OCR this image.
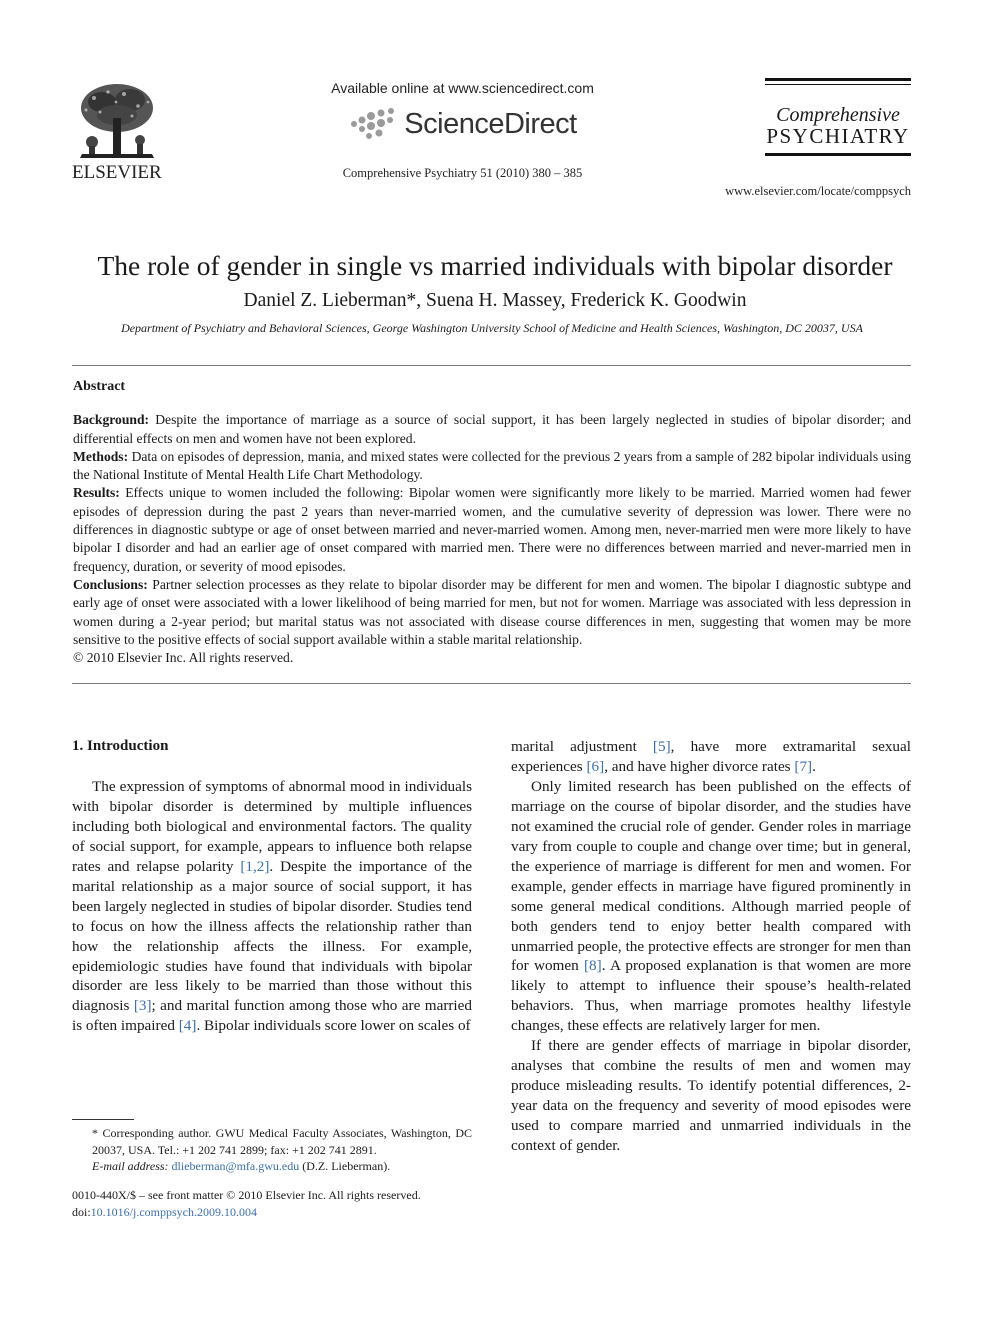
ELSEVIER
Available online at www.sciencedirect.com
ScienceDirect
Comprehensive Psychiatry 51 (2010) 380 – 385
Comprehensive
PSYCHIATRY
www.elsevier.com/locate/comppsych
The role of gender in single vs married individuals with bipolar disorder
Daniel Z. Lieberman*, Suena H. Massey, Frederick K. Goodwin
Department of Psychiatry and Behavioral Sciences, George Washington University School of Medicine and Health Sciences, Washington, DC 20037, USA
Abstract

Background: Despite the importance of marriage as a source of social support, it has been largely neglected in studies of bipolar disorder; and differential effects on men and women have not been explored.

Methods: Data on episodes of depression, mania, and mixed states were collected for the previous 2 years from a sample of 282 bipolar individuals using the National Institute of Mental Health Life Chart Methodology.

Results: Effects unique to women included the following: Bipolar women were significantly more likely to be married. Married women had fewer episodes of depression during the past 2 years than never-married women, and the cumulative severity of depression was lower. There were no differences in diagnostic subtype or age of onset between married and never-married women. Among men, never-married men were more likely to have bipolar I disorder and had an earlier age of onset compared with married men. There were no differences between married and never-married men in frequency, duration, or severity of mood episodes.

Conclusions: Partner selection processes as they relate to bipolar disorder may be different for men and women. The bipolar I diagnostic subtype and early age of onset were associated with a lower likelihood of being married for men, but not for women. Marriage was associated with less depression in women during a 2-year period; but marital status was not associated with disease course differences in men, suggesting that women may be more sensitive to the positive effects of social support available within a stable marital relationship.

© 2010 Elsevier Inc. All rights reserved.

1. Introduction

The expression of symptoms of abnormal mood in individuals with bipolar disorder is determined by multiple influences including both biological and environmental factors. The quality of social support, for example, appears to influence both relapse rates and relapse polarity [1,2]. Despite the importance of the marital relationship as a major source of social support, it has been largely neglected in studies of bipolar disorder. Studies tend to focus on how the illness affects the relationship rather than how the relationship affects the illness. For example, epidemiologic studies have found that individuals with bipolar disorder are less likely to be married than those without this diagnosis [3]; and marital function among those who are married is often impaired [4]. Bipolar individuals score lower on scales of

marital adjustment [5], have more extramarital sexual experiences [6], and have higher divorce rates [7].

Only limited research has been published on the effects of marriage on the course of bipolar disorder, and the studies have not examined the crucial role of gender. Gender roles in marriage vary from couple to couple and change over time; but in general, the experience of marriage is different for men and women. For example, gender effects in marriage have figured prominently in some general medical conditions. Although married people of both genders tend to enjoy better health compared with unmarried people, the protective effects are stronger for men than for women [8]. A proposed explanation is that women are more likely to attempt to influence their spouse’s health-related behaviors. Thus, when marriage promotes healthy lifestyle changes, these effects are relatively larger for men.

If there are gender effects of marriage in bipolar disorder, analyses that combine the results of men and women may produce misleading results. To identify potential differences, 2-year data on the frequency and severity of mood episodes were used to compare married and unmarried individuals in the context of gender.

* Corresponding author. GWU Medical Faculty Associates, Washington, DC 20037, USA. Tel.: +1 202 741 2899; fax: +1 202 741 2891.
E-mail address: dlieberman@mfa.gwu.edu (D.Z. Lieberman).
0010-440X/$ – see front matter © 2010 Elsevier Inc. All rights reserved.
doi:10.1016/j.comppsych.2009.10.004
